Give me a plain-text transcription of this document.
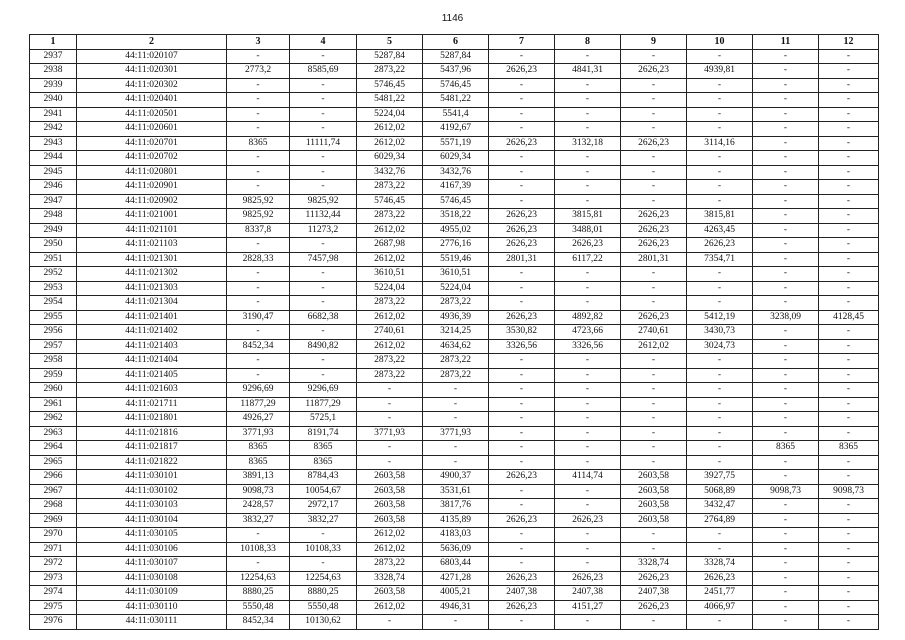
1146
1	2	3	4	5	6	7	8	9	10	11	12
2937	44:11:020107	-	-	5287,84	5287,84	-	-	-	-	-	-
2938	44:11:020301	2773,2	8585,69	2873,22	5437,96	2626,23	4841,31	2626,23	4939,81	-	-
2939	44:11:020302	-	-	5746,45	5746,45	-	-	-	-	-	-
2940	44:11:020401	-	-	5481,22	5481,22	-	-	-	-	-	-
2941	44:11:020501	-	-	5224,04	5541,4	-	-	-	-	-	-
2942	44:11:020601	-	-	2612,02	4192,67	-	-	-	-	-	-
2943	44:11:020701	8365	11111,74	2612,02	5571,19	2626,23	3132,18	2626,23	3114,16	-	-
2944	44:11:020702	-	-	6029,34	6029,34	-	-	-	-	-	-
2945	44:11:020801	-	-	3432,76	3432,76	-	-	-	-	-	-
2946	44:11:020901	-	-	2873,22	4167,39	-	-	-	-	-	-
2947	44:11:020902	9825,92	9825,92	5746,45	5746,45	-	-	-	-	-	-
2948	44:11:021001	9825,92	11132,44	2873,22	3518,22	2626,23	3815,81	2626,23	3815,81	-	-
2949	44:11:021101	8337,8	11273,2	2612,02	4955,02	2626,23	3488,01	2626,23	4263,45	-	-
2950	44:11:021103	-	-	2687,98	2776,16	2626,23	2626,23	2626,23	2626,23	-	-
2951	44:11:021301	2828,33	7457,98	2612,02	5519,46	2801,31	6117,22	2801,31	7354,71	-	-
2952	44:11:021302	-	-	3610,51	3610,51	-	-	-	-	-	-
2953	44:11:021303	-	-	5224,04	5224,04	-	-	-	-	-	-
2954	44:11:021304	-	-	2873,22	2873,22	-	-	-	-	-	-
2955	44:11:021401	3190,47	6682,38	2612,02	4936,39	2626,23	4892,82	2626,23	5412,19	3238,09	4128,45
2956	44:11:021402	-	-	2740,61	3214,25	3530,82	4723,66	2740,61	3430,73	-	-
2957	44:11:021403	8452,34	8490,82	2612,02	4634,62	3326,56	3326,56	2612,02	3024,73	-	-
2958	44:11:021404	-	-	2873,22	2873,22	-	-	-	-	-	-
2959	44:11:021405	-	-	2873,22	2873,22	-	-	-	-	-	-
2960	44:11:021603	9296,69	9296,69	-	-	-	-	-	-	-	-
2961	44:11:021711	11877,29	11877,29	-	-	-	-	-	-	-	-
2962	44:11:021801	4926,27	5725,1	-	-	-	-	-	-	-	-
2963	44:11:021816	3771,93	8191,74	3771,93	3771,93	-	-	-	-	-	-
2964	44:11:021817	8365	8365	-	-	-	-	-	-	8365	8365
2965	44:11:021822	8365	8365	-	-	-	-	-	-	-	-
2966	44:11:030101	3891,13	8784,43	2603,58	4900,37	2626,23	4114,74	2603,58	3927,75	-	-
2967	44:11:030102	9098,73	10054,67	2603,58	3531,61	-	-	2603,58	5068,89	9098,73	9098,73
2968	44:11:030103	2428,57	2972,17	2603,58	3817,76	-	-	2603,58	3432,47	-	-
2969	44:11:030104	3832,27	3832,27	2603,58	4135,89	2626,23	2626,23	2603,58	2764,89	-	-
2970	44:11:030105	-	-	2612,02	4183,03	-	-	-	-	-	-
2971	44:11:030106	10108,33	10108,33	2612,02	5636,09	-	-	-	-	-	-
2972	44:11:030107	-	-	2873,22	6803,44	-	-	3328,74	3328,74	-	-
2973	44:11:030108	12254,63	12254,63	3328,74	4271,28	2626,23	2626,23	2626,23	2626,23	-	-
2974	44:11:030109	8880,25	8880,25	2603,58	4005,21	2407,38	2407,38	2407,38	2451,77	-	-
2975	44:11:030110	5550,48	5550,48	2612,02	4946,31	2626,23	4151,27	2626,23	4066,97	-	-
2976	44:11:030111	8452,34	10130,62	-	-	-	-	-	-	-	-
